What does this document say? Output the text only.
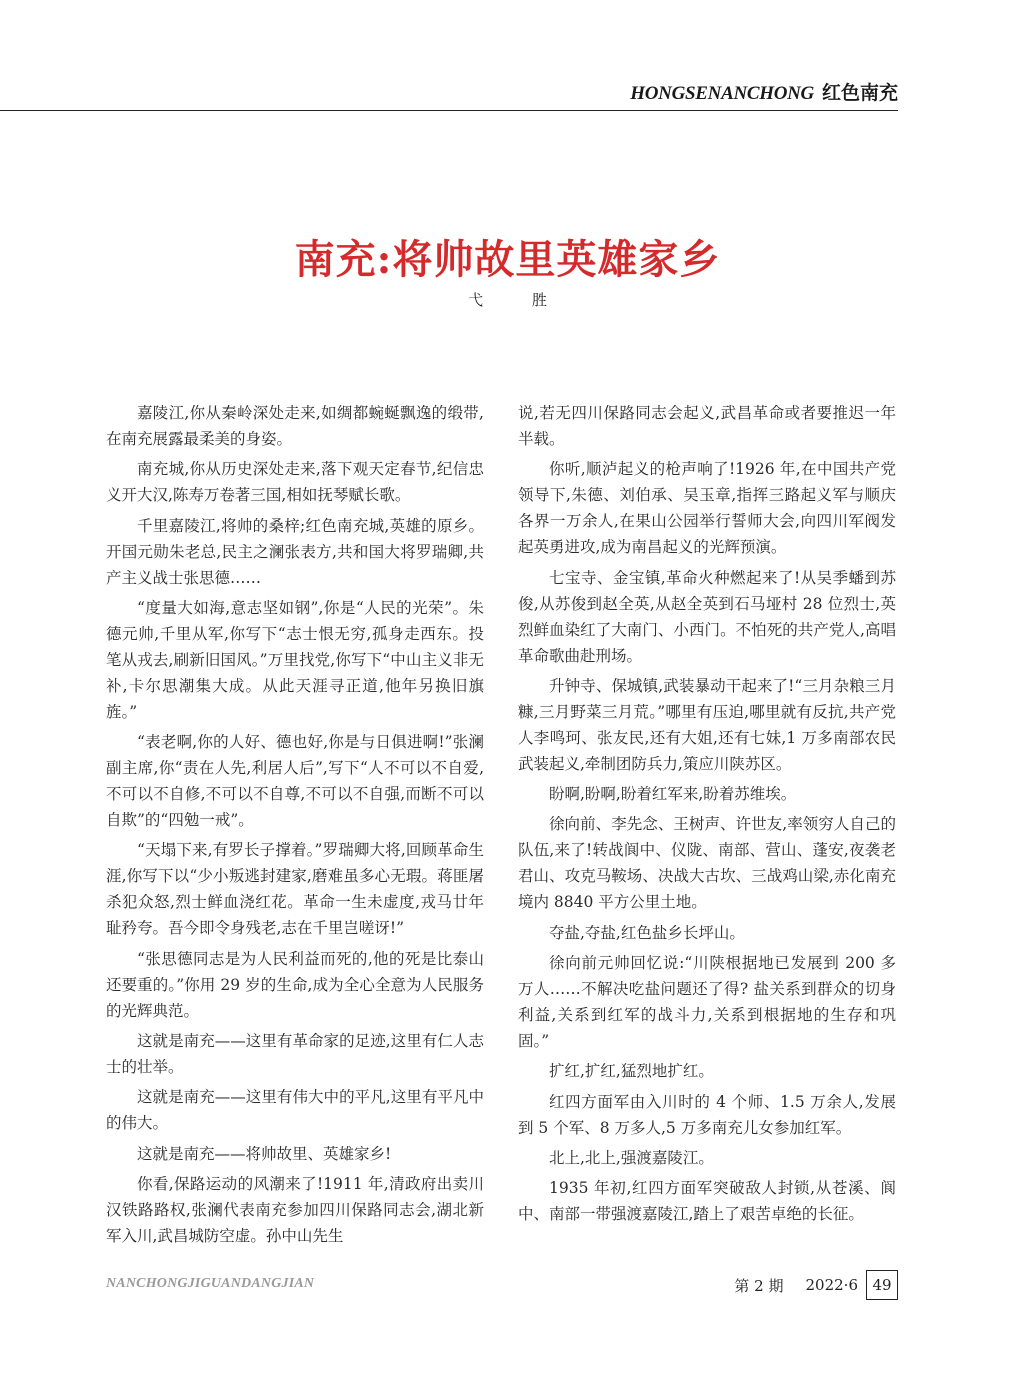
HONGSENANCHONG 红色南充
南充:将帅故里英雄家乡
弋 胜

嘉陵江,你从秦岭深处走来,如绸都蜿蜒飘逸的缎带,在南充展露最柔美的身姿。

南充城,你从历史深处走来,落下观天定春节,纪信忠义开大汉,陈寿万卷著三国,相如抚琴赋长歌。

千里嘉陵江,将帅的桑梓;红色南充城,英雄的原乡。开国元勋朱老总,民主之澜张表方,共和国大将罗瑞卿,共产主义战士张思德……

“度量大如海,意志坚如钢”,你是“人民的光荣”。朱德元帅,千里从军,你写下“志士恨无穷,孤身走西东。投笔从戎去,刷新旧国风。”万里找党,你写下“中山主义非无补,卡尔思潮集大成。从此天涯寻正道,他年另换旧旗旌。”

“表老啊,你的人好、德也好,你是与日俱进啊!”张澜副主席,你“责在人先,利居人后”,写下“人不可以不自爱,不可以不自修,不可以不自尊,不可以不自强,而断不可以自欺”的“四勉一戒”。

“天塌下来,有罗长子撑着。”罗瑞卿大将,回顾革命生涯,你写下以“少小叛逃封建家,磨难虽多心无瑕。蒋匪屠杀犯众怒,烈士鲜血浇红花。革命一生未虚度,戎马廿年耻矜夸。吾今即令身残老,志在千里岂嗟讶!”

“张思德同志是为人民利益而死的,他的死是比泰山还要重的。”你用 29 岁的生命,成为全心全意为人民服务的光辉典范。

这就是南充——这里有革命家的足迹,这里有仁人志士的壮举。

这就是南充——这里有伟大中的平凡,这里有平凡中的伟大。

这就是南充——将帅故里、英雄家乡!

你看,保路运动的风潮来了!1911 年,清政府出卖川汉铁路路权,张澜代表南充参加四川保路同志会,湖北新军入川,武昌城防空虚。孙中山先生

说,若无四川保路同志会起义,武昌革命或者要推迟一年半载。

你听,顺泸起义的枪声响了!1926 年,在中国共产党领导下,朱德、刘伯承、吴玉章,指挥三路起义军与顺庆各界一万余人,在果山公园举行誓师大会,向四川军阀发起英勇进攻,成为南昌起义的光辉预演。

七宝寺、金宝镇,革命火种燃起来了!从吴季蟠到苏俊,从苏俊到赵全英,从赵全英到石马垭村 28 位烈士,英烈鲜血染红了大南门、小西门。不怕死的共产党人,高唱革命歌曲赴刑场。

升钟寺、保城镇,武装暴动干起来了!“三月杂粮三月糠,三月野菜三月荒。”哪里有压迫,哪里就有反抗,共产党人李鸣珂、张友民,还有大姐,还有七妹,1 万多南部农民武装起义,牵制团防兵力,策应川陕苏区。

盼啊,盼啊,盼着红军来,盼着苏维埃。

徐向前、李先念、王树声、许世友,率领穷人自己的队伍,来了!转战阆中、仪陇、南部、营山、蓬安,夜袭老君山、攻克马鞍场、决战大古坎、三战鸡山梁,赤化南充境内 8840 平方公里土地。

夺盐,夺盐,红色盐乡长坪山。

徐向前元帅回忆说:“川陕根据地已发展到 200 多万人……不解决吃盐问题还了得? 盐关系到群众的切身利益,关系到红军的战斗力,关系到根据地的生存和巩固。”

扩红,扩红,猛烈地扩红。

红四方面军由入川时的 4 个师、1.5 万余人,发展到 5 个军、8 万多人,5 万多南充儿女参加红军。

北上,北上,强渡嘉陵江。

1935 年初,红四方面军突破敌人封锁,从苍溪、阆中、南部一带强渡嘉陵江,踏上了艰苦卓绝的长征。

NANCHONGJIGUANDANGJIAN	第 2 期 2022·6 49
